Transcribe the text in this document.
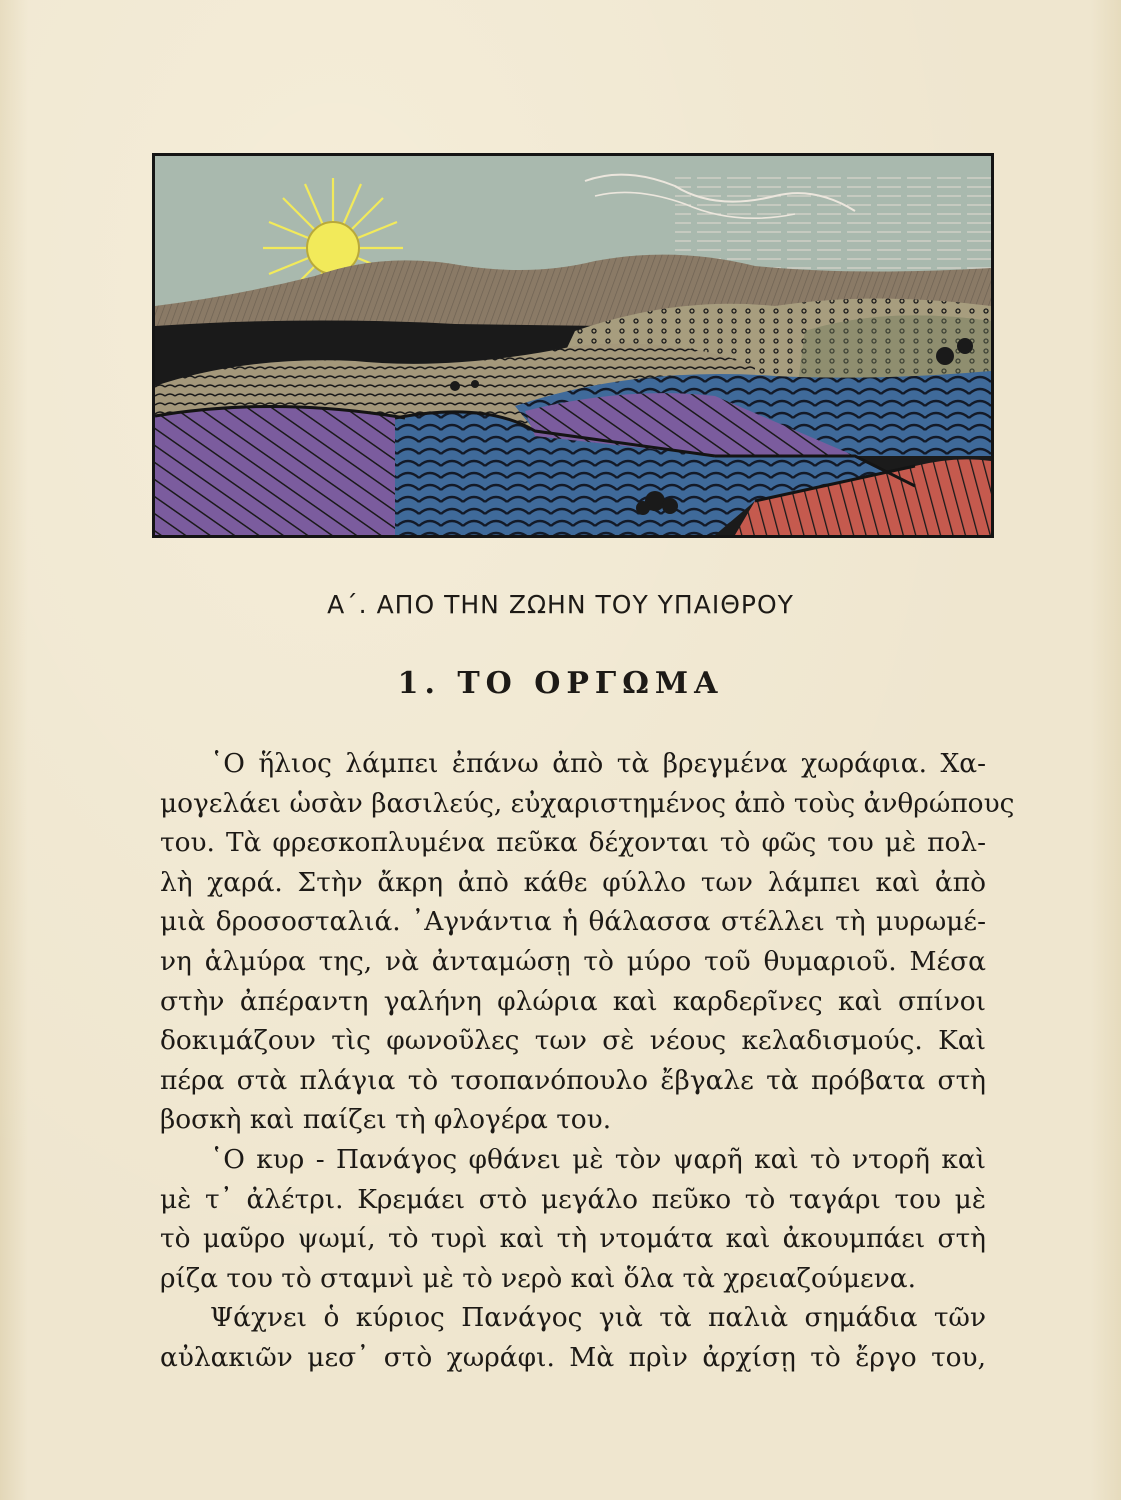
Α΄. ΑΠΟ ΤΗΝ ΖΩΗΝ ΤΟΥ ΥΠΑΙΘΡΟΥ
1. ΤΟ ΟΡΓΩΜΑ
῾Ο ἥλιος λάμπει ἐπάνω ἀπὸ τὰ βρεγμένα χωράφια. Χα-
μογελάει ὡσὰν βασιλεύς, εὐχαριστημένος ἀπὸ τοὺς ἀνθρώπους
του. Τὰ φρεσκοπλυμένα πεῦκα δέχονται τὸ φῶς του μὲ πολ-
λὴ χαρά. Στὴν ἄκρη ἀπὸ κάθε φύλλο των λάμπει καὶ ἀπὸ
μιὰ δροσοσταλιά. ᾿Αγνάντια ἡ θάλασσα στέλλει τὴ μυρωμέ-
νη ἁλμύρα της, νὰ ἀνταμώσῃ τὸ μύρο τοῦ θυμαριοῦ. Μέσα
στὴν ἀπέραντη γαλήνη φλώρια καὶ καρδερῖνες καὶ σπίνοι
δοκιμάζουν τὶς φωνοῦλες των σὲ νέους κελαδισμούς. Καὶ
πέρα στὰ πλάγια τὸ τσοπανόπουλο ἔβγαλε τὰ πρόβατα στὴ
βοσκὴ καὶ παίζει τὴ φλογέρα του.
῾Ο κυρ - Πανάγος φθάνει μὲ τὸν ψαρῆ καὶ τὸ ντορῆ καὶ
μὲ τ᾿ ἀλέτρι. Κρεμάει στὸ μεγάλο πεῦκο τὸ ταγάρι του μὲ
τὸ μαῦρο ψωμί, τὸ τυρὶ καὶ τὴ ντομάτα καὶ ἀκουμπάει στὴ
ρίζα του τὸ σταμνὶ μὲ τὸ νερὸ καὶ ὅλα τὰ χρειαζούμενα.
Ψάχνει ὁ κύριος Πανάγος γιὰ τὰ παλιὰ σημάδια τῶν
αὐλακιῶν μεσ᾿ στὸ χωράφι. Μὰ πρὶν ἀρχίσῃ τὸ ἔργο του,
